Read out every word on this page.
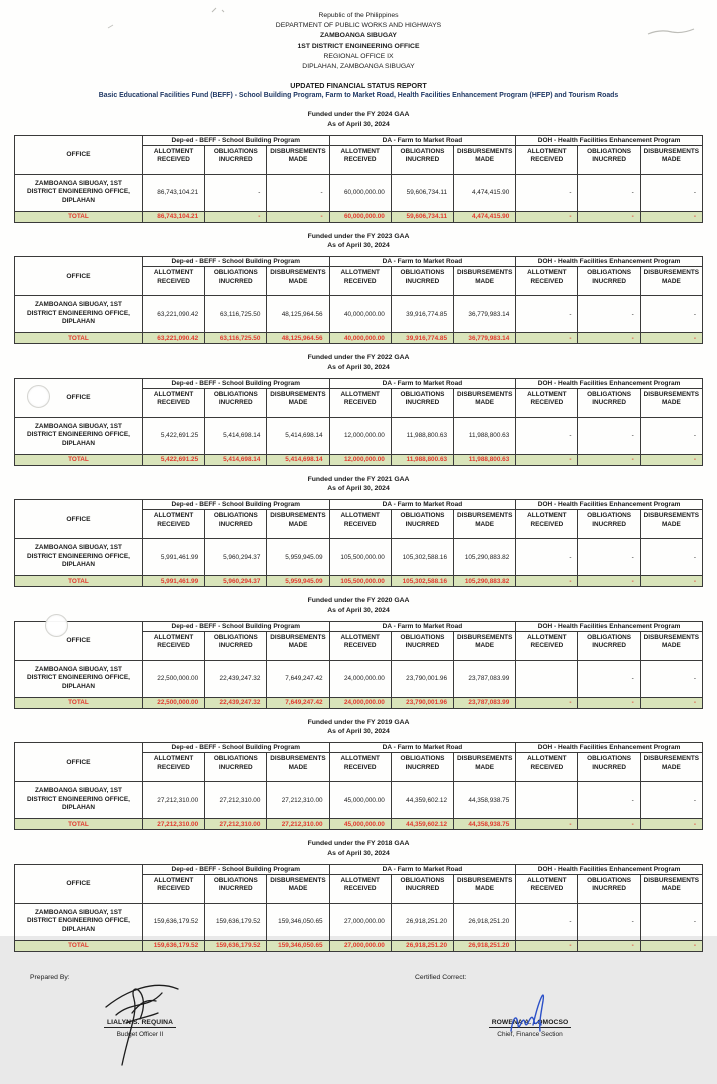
Republic of the Philippines
DEPARTMENT OF PUBLIC WORKS AND HIGHWAYS
ZAMBOANGA SIBUGAY
1ST DISTRICT ENGINEERING OFFICE
REGIONAL OFFICE IX
DIPLAHAN, ZAMBOANGA SIBUGAY
UPDATED FINANCIAL STATUS REPORT
Basic Educational Facilities Fund (BEFF) - School Building Program, Farm to Market Road, Health Facilities Enhancement Program (HFEP) and Tourism Roads
Funded under the FY 2024 GAA
As of April 30, 2024
OFFICE	Dep-ed - BEFF - School Building Program			DA - Farm to Market Road			DOH - Health Facilities Enhancement Program		
	ALLOTMENT RECEIVED	OBLIGATIONS INUCRRED	DISBURSEMENTS MADE	ALLOTMENT RECEIVED	OBLIGATIONS INUCRRED	DISBURSEMENTS MADE	ALLOTMENT RECEIVED	OBLIGATIONS INUCRRED	DISBURSEMENTS MADE
ZAMBOANGA SIBUGAY, 1ST DISTRICT ENGINEERING OFFICE, DIPLAHAN	86,743,104.21	-	-	60,000,000.00	59,606,734.11	4,474,415.90	-	-	-
TOTAL	86,743,104.21	-	-	60,000,000.00	59,606,734.11	4,474,415.90	-	-	-
Funded under the FY 2023 GAA
As of April 30, 2024
OFFICE	Dep-ed - BEFF - School Building Program			DA - Farm to Market Road			DOH - Health Facilities Enhancement Program		
	ALLOTMENT RECEIVED	OBLIGATIONS INUCRRED	DISBURSEMENTS MADE	ALLOTMENT RECEIVED	OBLIGATIONS INUCRRED	DISBURSEMENTS MADE	ALLOTMENT RECEIVED	OBLIGATIONS INUCRRED	DISBURSEMENTS MADE
ZAMBOANGA SIBUGAY, 1ST DISTRICT ENGINEERING OFFICE, DIPLAHAN	63,221,090.42	63,116,725.50	48,125,964.56	40,000,000.00	39,916,774.85	36,779,983.14	-	-	-
TOTAL	63,221,090.42	63,116,725.50	48,125,964.56	40,000,000.00	39,916,774.85	36,779,983.14	-	-	-
Funded under the FY 2022 GAA
As of April 30, 2024
OFFICE	Dep-ed - BEFF - School Building Program			DA - Farm to Market Road			DOH - Health Facilities Enhancement Program		
	ALLOTMENT RECEIVED	OBLIGATIONS INUCRRED	DISBURSEMENTS MADE	ALLOTMENT RECEIVED	OBLIGATIONS INUCRRED	DISBURSEMENTS MADE	ALLOTMENT RECEIVED	OBLIGATIONS INUCRRED	DISBURSEMENTS MADE
ZAMBOANGA SIBUGAY, 1ST DISTRICT ENGINEERING OFFICE, DIPLAHAN	5,422,691.25	5,414,698.14	5,414,698.14	12,000,000.00	11,988,800.63	11,988,800.63	-	-	-
TOTAL	5,422,691.25	5,414,698.14	5,414,698.14	12,000,000.00	11,988,800.63	11,988,800.63	-	-	-
Funded under the FY 2021 GAA
As of April 30, 2024
OFFICE	Dep-ed - BEFF - School Building Program			DA - Farm to Market Road			DOH - Health Facilities Enhancement Program		
	ALLOTMENT RECEIVED	OBLIGATIONS INUCRRED	DISBURSEMENTS MADE	ALLOTMENT RECEIVED	OBLIGATIONS INUCRRED	DISBURSEMENTS MADE	ALLOTMENT RECEIVED	OBLIGATIONS INUCRRED	DISBURSEMENTS MADE
ZAMBOANGA SIBUGAY, 1ST DISTRICT ENGINEERING OFFICE, DIPLAHAN	5,991,461.99	5,960,294.37	5,959,945.09	105,500,000.00	105,302,588.16	105,290,883.82	-	-	-
TOTAL	5,991,461.99	5,960,294.37	5,959,945.09	105,500,000.00	105,302,588.16	105,290,883.82	-	-	-
Funded under the FY 2020 GAA
As of April 30, 2024
OFFICE	Dep-ed - BEFF - School Building Program			DA - Farm to Market Road			DOH - Health Facilities Enhancement Program		
	ALLOTMENT RECEIVED	OBLIGATIONS INUCRRED	DISBURSEMENTS MADE	ALLOTMENT RECEIVED	OBLIGATIONS INUCRRED	DISBURSEMENTS MADE	ALLOTMENT RECEIVED	OBLIGATIONS INUCRRED	DISBURSEMENTS MADE
ZAMBOANGA SIBUGAY, 1ST DISTRICT ENGINEERING OFFICE, DIPLAHAN	22,500,000.00	22,439,247.32	7,649,247.42	24,000,000.00	23,790,001.96	23,787,083.99		-	-
TOTAL	22,500,000.00	22,439,247.32	7,649,247.42	24,000,000.00	23,790,001.96	23,787,083.99	-	-	-
Funded under the FY 2019 GAA
As of April 30, 2024
OFFICE	Dep-ed - BEFF - School Building Program			DA - Farm to Market Road			DOH - Health Facilities Enhancement Program		
	ALLOTMENT RECEIVED	OBLIGATIONS INUCRRED	DISBURSEMENTS MADE	ALLOTMENT RECEIVED	OBLIGATIONS INUCRRED	DISBURSEMENTS MADE	ALLOTMENT RECEIVED	OBLIGATIONS INUCRRED	DISBURSEMENTS MADE
ZAMBOANGA SIBUGAY, 1ST DISTRICT ENGINEERING OFFICE, DIPLAHAN	27,212,310.00	27,212,310.00	27,212,310.00	45,000,000.00	44,359,602.12	44,358,938.75		-	-
TOTAL	27,212,310.00	27,212,310.00	27,212,310.00	45,000,000.00	44,359,602.12	44,358,938.75	-	-	-
Funded under the FY 2018 GAA
As of April 30, 2024
OFFICE	Dep-ed - BEFF - School Building Program			DA - Farm to Market Road			DOH - Health Facilities Enhancement Program		
	ALLOTMENT RECEIVED	OBLIGATIONS INUCRRED	DISBURSEMENTS MADE	ALLOTMENT RECEIVED	OBLIGATIONS INUCRRED	DISBURSEMENTS MADE	ALLOTMENT RECEIVED	OBLIGATIONS INUCRRED	DISBURSEMENTS MADE
ZAMBOANGA SIBUGAY, 1ST DISTRICT ENGINEERING OFFICE, DIPLAHAN	159,636,179.52	159,636,179.52	159,346,050.65	27,000,000.00	26,918,251.20	26,918,251.20	-	-	-
TOTAL	159,636,179.52	159,636,179.52	159,346,050.65	27,000,000.00	26,918,251.20	26,918,251.20	-	-	-
Prepared By:
LIALYN S. REQUINA
Budget Officer II
Certified Correct:
ROWENA A. LOMOCSO
Chief, Finance Section
